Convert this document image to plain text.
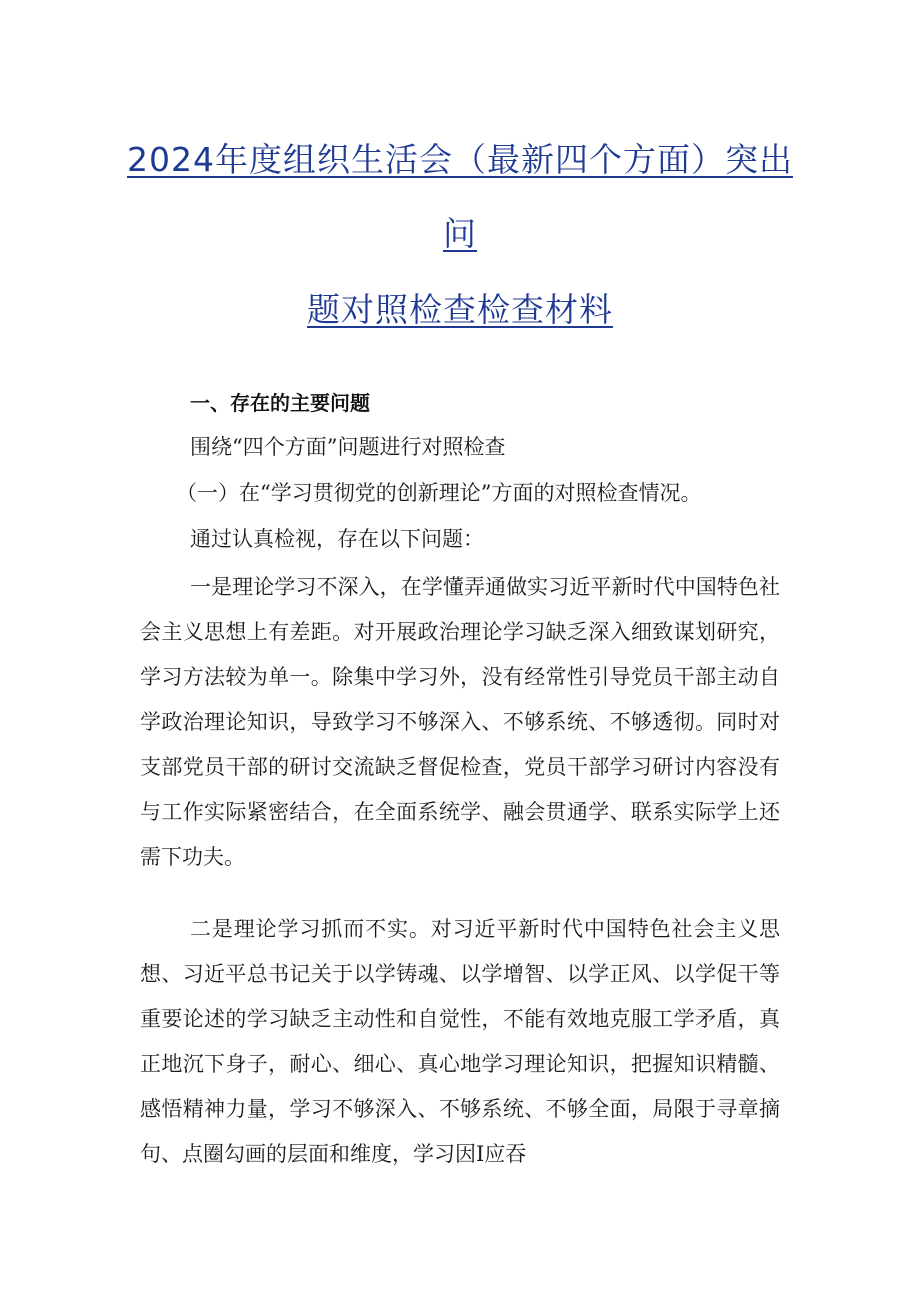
2024年度组织生活会（最新四个方面）突出
问
题对照检查检查材料
一、存在的主要问题
围绕“四个方面”问题进行对照检查
（一）在“学习贯彻党的创新理论”方面的对照检查情况。
通过认真检视，存在以下问题：
一是理论学习不深入，在学懂弄通做实习近平新时代中国特色社会主义思想上有差距。对开展政治理论学习缺乏深入细致谋划研究，学习方法较为单一。除集中学习外，没有经常性引导党员干部主动自学政治理论知识，导致学习不够深入、不够系统、不够透彻。同时对支部党员干部的研讨交流缺乏督促检查，党员干部学习研讨内容没有与工作实际紧密结合，在全面系统学、融会贯通学、联系实际学上还需下功夫。
二是理论学习抓而不实。对习近平新时代中国特色社会主义思想、习近平总书记关于以学铸魂、以学增智、以学正风、以学促干等重要论述的学习缺乏主动性和自觉性，不能有效地克服工学矛盾，真正地沉下身子，耐心、细心、真心地学习理论知识，把握知识精髓、感悟精神力量，学习不够深入、不够系统、不够全面，局限于寻章摘句、点圈勾画的层面和维度，学习因I应吞
